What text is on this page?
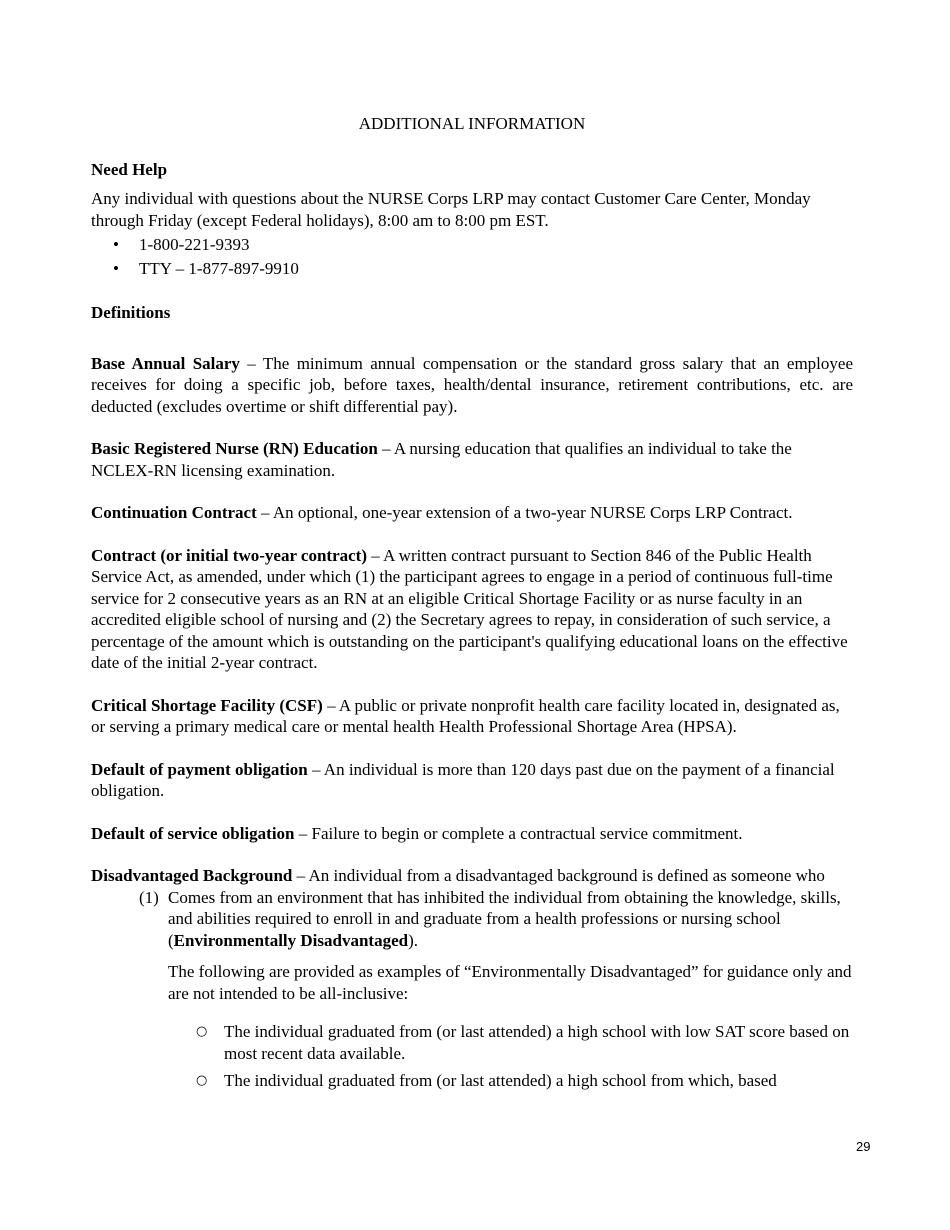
ADDITIONAL INFORMATION
Need Help

Any individual with questions about the NURSE Corps LRP may contact Customer Care Center, Monday through Friday (except Federal holidays), 8:00 am to 8:00 pm EST.

• 1-800-221-9393
• TTY – 1-877-897-9910
Definitions

Base Annual Salary – The minimum annual compensation or the standard gross salary that an employee receives for doing a specific job, before taxes, health/dental insurance, retirement contributions, etc. are deducted (excludes overtime or shift differential pay).

Basic Registered Nurse (RN) Education – A nursing education that qualifies an individual to take the NCLEX-RN licensing examination.

Continuation Contract – An optional, one-year extension of a two-year NURSE Corps LRP Contract.

Contract (or initial two-year contract) – A written contract pursuant to Section 846 of the Public Health Service Act, as amended, under which (1) the participant agrees to engage in a period of continuous full-time service for 2 consecutive years as an RN at an eligible Critical Shortage Facility or as nurse faculty in an accredited eligible school of nursing and (2) the Secretary agrees to repay, in consideration of such service, a percentage of the amount which is outstanding on the participant's qualifying educational loans on the effective date of the initial 2-year contract.

Critical Shortage Facility (CSF) – A public or private nonprofit health care facility located in, designated as, or serving a primary medical care or mental health Health Professional Shortage Area (HPSA).

Default of payment obligation – An individual is more than 120 days past due on the payment of a financial obligation.

Default of service obligation – Failure to begin or complete a contractual service commitment.

Disadvantaged Background – An individual from a disadvantaged background is defined as someone who

(1) Comes from an environment that has inhibited the individual from obtaining the knowledge, skills, and abilities required to enroll in and graduate from a health professions or nursing school (Environmentally Disadvantaged).

The following are provided as examples of “Environmentally Disadvantaged” for guidance only and are not intended to be all-inclusive:

○ The individual graduated from (or last attended) a high school with low SAT score based on most recent data available.
○ The individual graduated from (or last attended) a high school from which, based
29
